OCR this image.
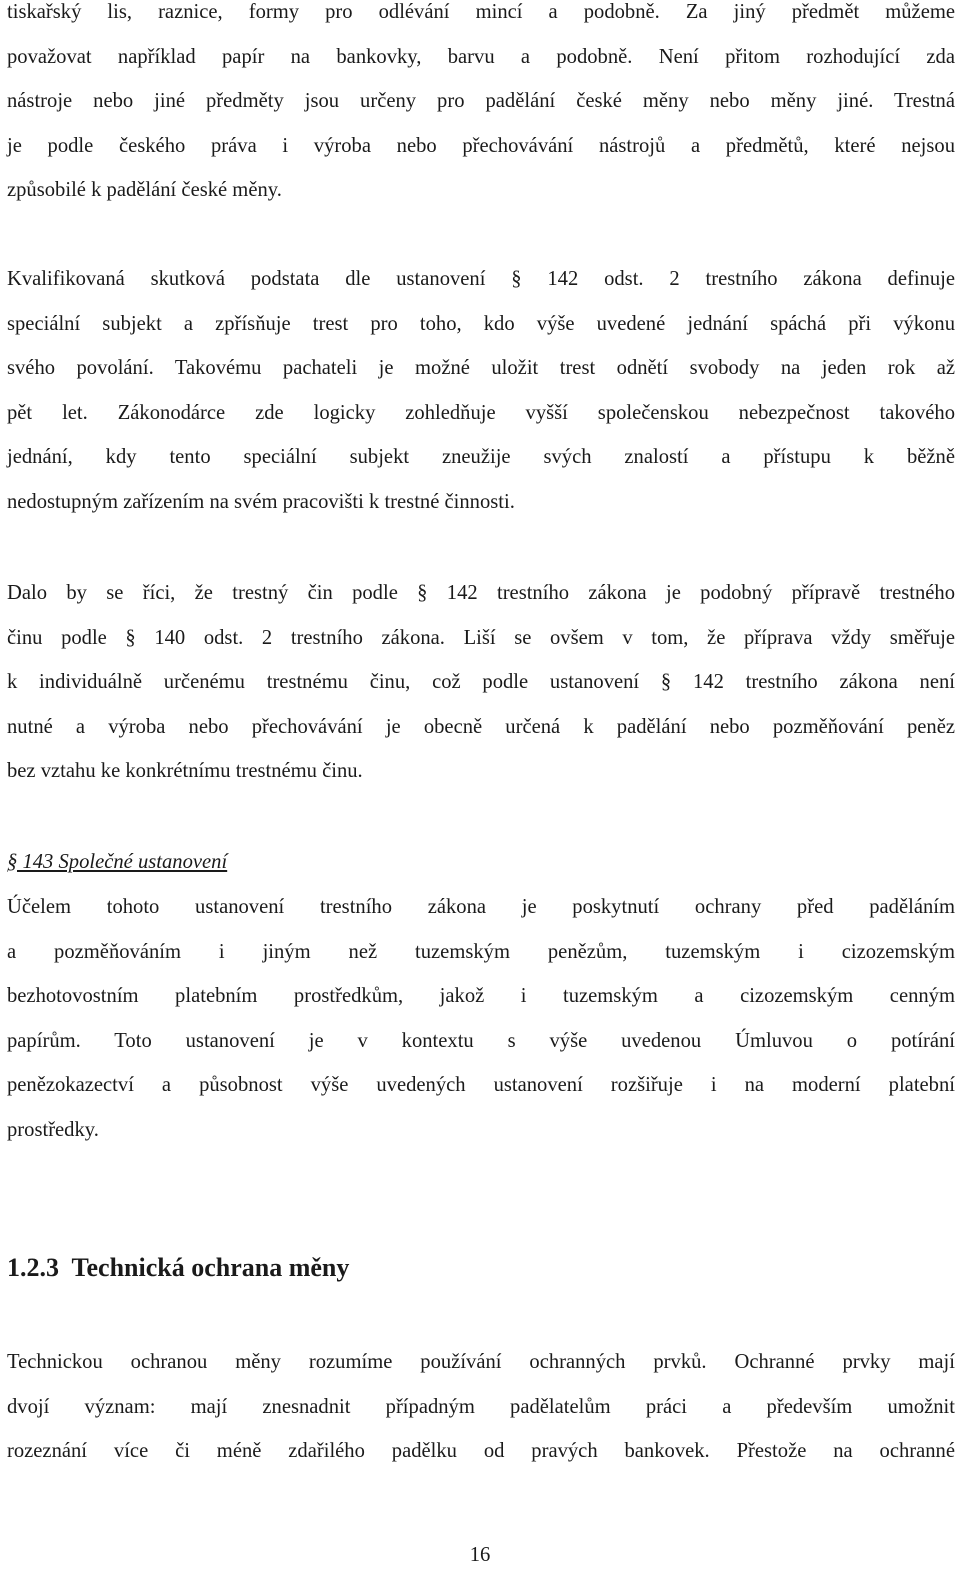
tiskařský lis, raznice, formy pro odlévání mincí a podobně. Za jiný předmět můžeme
považovat například papír na bankovky, barvu a podobně. Není přitom rozhodující zda
nástroje nebo jiné předměty jsou určeny pro padělání české měny nebo měny jiné. Trestná
je podle českého práva i výroba nebo přechovávání nástrojů a předmětů, které nejsou
způsobilé k padělání české měny.
Kvalifikovaná skutková podstata dle ustanovení § 142 odst. 2 trestního zákona definuje
speciální subjekt a zpřísňuje trest pro toho, kdo výše uvedené jednání spáchá při výkonu
svého povolání. Takovému pachateli je možné uložit trest odnětí svobody na jeden rok až
pět let. Zákonodárce zde logicky zohledňuje vyšší společenskou nebezpečnost takového
jednání, kdy tento speciální subjekt zneužije svých znalostí a přístupu k běžně
nedostupným zařízením na svém pracovišti k trestné činnosti.
Dalo by se říci, že trestný čin podle § 142 trestního zákona je podobný přípravě trestného
činu podle § 140 odst. 2 trestního zákona. Liší se ovšem v tom, že příprava vždy směřuje
k individuálně určenému trestnému činu, což podle ustanovení § 142 trestního zákona není
nutné a výroba nebo přechovávání je obecně určená k padělání nebo pozměňování peněz
bez vztahu ke konkrétnímu trestnému činu.
§ 143 Společné ustanovení
Účelem tohoto ustanovení trestního zákona je poskytnutí ochrany před paděláním
a pozměňováním i jiným než tuzemským penězům, tuzemským i cizozemským
bezhotovostním platebním prostředkům, jakož i tuzemským a cizozemským cenným
papírům. Toto ustanovení je v kontextu s výše uvedenou Úmluvou o potírání
penězokazectví a působnost výše uvedených ustanovení rozšiřuje i na moderní platební
prostředky.
1.2.3  Technická ochrana měny
Technickou ochranou měny rozumíme používání ochranných prvků. Ochranné prvky mají
dvojí význam: mají znesnadnit případným padělatelům práci a především umožnit
rozeznání více či méně zdařilého padělku od pravých bankovek. Přestože na ochranné
16
